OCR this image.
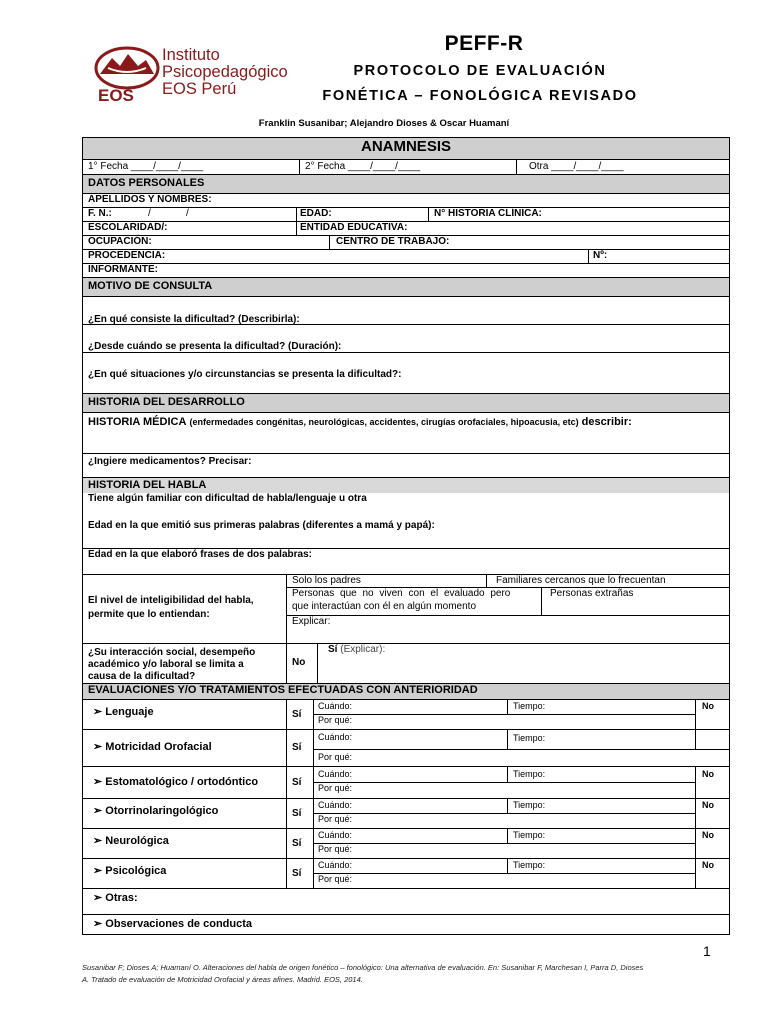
EOS
Instituto
Psicopedagógico
EOS Perú
PEFF-R
PROTOCOLO DE EVALUACIÓN
FONÉTICA – FONOLÓGICA REVISADO
Franklin Susanibar; Alejandro Dioses & Oscar Huamaní
ANAMNESIS
1° Fecha ____/____/____	2° Fecha ____/____/____	Otra ____/____/____
DATOS PERSONALES
APELLIDOS Y NOMBRES:
F. N.:	/	/	EDAD:	N° HISTORIA CLÍNICA:
ESCOLARIDAD/:	ENTIDAD EDUCATIVA:
OCUPACIÓN:	CENTRO DE TRABAJO:
PROCEDENCIA:	Nº:
INFORMANTE:
MOTIVO DE CONSULTA
¿En qué consiste la dificultad? (Describirla):
¿Desde cuándo se presenta la dificultad? (Duración):
¿En qué situaciones y/o circunstancias se presenta la dificultad?:
HISTORIA DEL DESARROLLO
HISTORIA MÉDICA (enfermedades congénitas, neurológicas, accidentes, cirugías orofaciales, hipoacusia, etc) describir:
¿Ingiere medicamentos? Precisar:
HISTORIA DEL HABLA
Tiene algún familiar con dificultad de habla/lenguaje u otra
Edad en la que emitió sus primeras palabras (diferentes a mamá y papá):
Edad en la que elaboró frases de dos palabras:
El nivel de inteligibilidad del habla,
permite que lo entiendan:
Solo los padres	Familiares cercanos que lo frecuentan
Personas que no viven con el evaluado pero
que interactúan con él en algún momento
Personas extrañas
Explicar:
¿Su interacción social, desempeño
académico y/o laboral se limita a
causa de la dificultad?
No
Sí (Explicar):
EVALUACIONES Y/O TRATAMIENTOS EFECTUADAS CON ANTERIORIDAD
➢ Lenguaje	Sí
Cuándo:	Tiempo:
Por qué:
No
➢ Motricidad Orofacial	Sí
Cuándo:	Tiempo:
Por qué:
➢ Estomatológico / ortodóntico	Sí
Cuándo:	Tiempo:
Por qué:
No
➢ Otorrinolaringológico	Sí
Cuándo:	Tiempo:
Por qué:
No
➢ Neurológica	Sí
Cuándo:	Tiempo:
Por qué:
No
➢ Psicológica	Sí
Cuándo:	Tiempo:
Por qué:
No
➢ Otras:
➢ Observaciones de conducta
1
Susanibar F; Dioses A; Huamaní O. Alteraciones del habla de origen fonético – fonológico: Una alternativa de evaluación. En: Susanibar F, Marchesan I, Parra D, Dioses
A. Tratado de evaluación de Motricidad Orofacial y áreas afines. Madrid. EOS, 2014.
